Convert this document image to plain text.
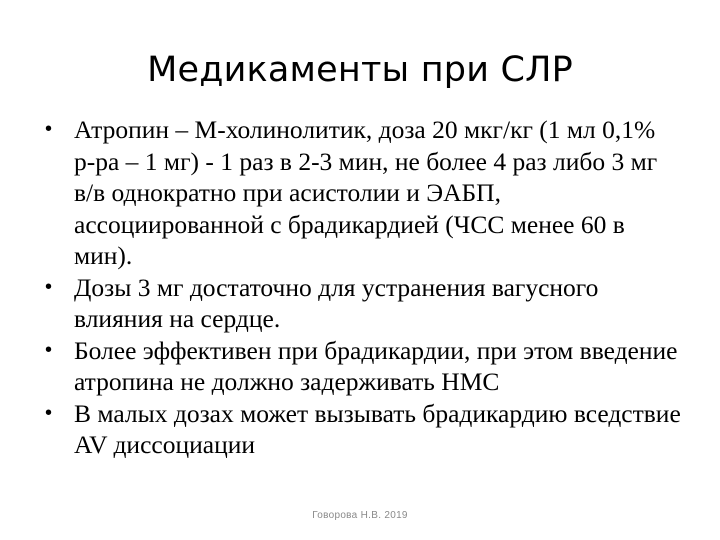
Медикаменты при СЛР
• Атропин – М-холинолитик, доза 20 мкг/кг (1 мл 0,1% р-ра – 1 мг) - 1 раз в 2-3 мин, не более 4 раз либо 3 мг в/в однократно при асистолии и ЭАБП, ассоциированной с брадикардией (ЧСС менее 60 в мин).
• Дозы 3 мг достаточно для устранения вагусного влияния на сердце.
• Более эффективен при брадикардии, при этом введение атропина не должно задерживать НМС
• В малых дозах может вызывать брадикардию вседствие AV диссоциации
Говорова Н.В. 2019
